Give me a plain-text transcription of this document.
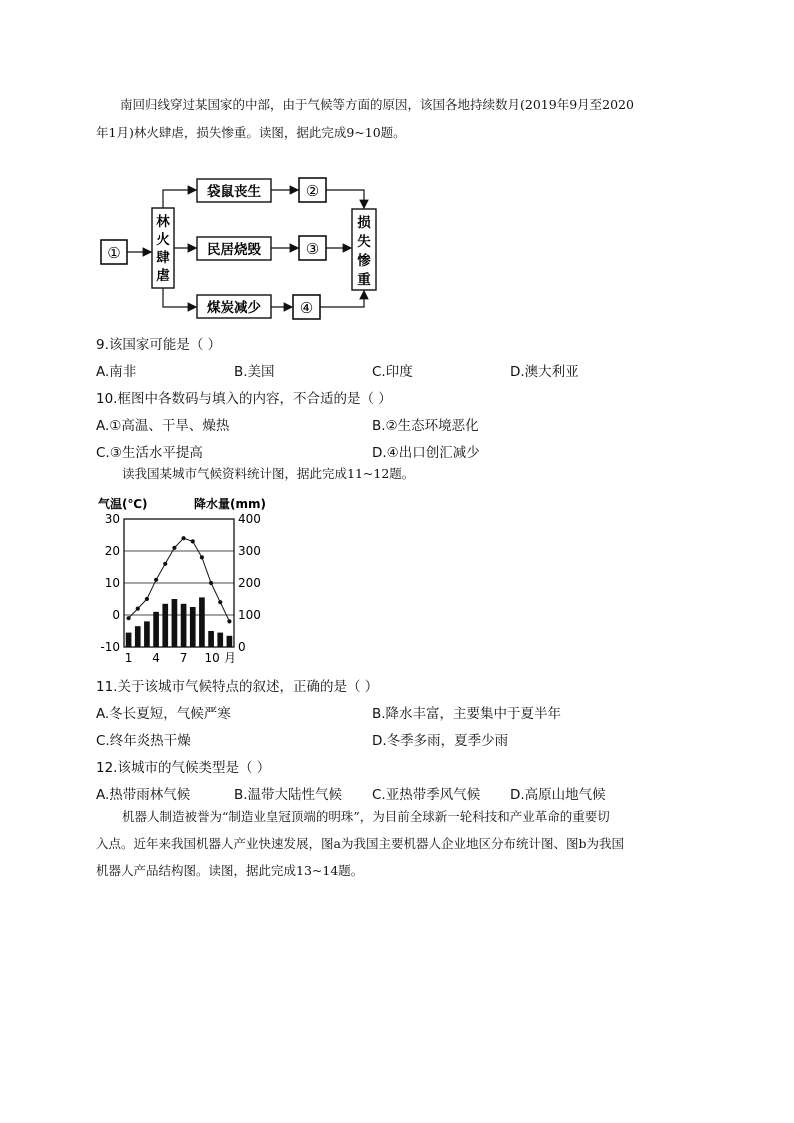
南回归线穿过某国家的中部，由于气候等方面的原因，该国各地持续数月(2019年9月至2020
年1月)林火肆虐，损失惨重。读图，据此完成9~10题。
①
林
火
肆
虐
袋鼠丧生	②
民居烧毁	③
煤炭减少	④
损
失
惨
重
9.该国家可能是（ ）
A.南非	B.美国	C.印度	D.澳大利亚
10.框图中各数码与填入的内容，不合适的是（ ）
A.①高温、干旱、燥热	B.②生态环境恶化
C.③生活水平提高	D.④出口创汇减少
读我国某城市气候资料统计图，据此完成11~12题。
气温(℃)	降水量(mm)
30
20
10
0
-10
400
300
200
100
0
1 4 7 10 月
11.关于该城市气候特点的叙述，正确的是（ ）
A.冬长夏短，气候严寒	B.降水丰富，主要集中于夏半年
C.终年炎热干燥	D.冬季多雨，夏季少雨
12.该城市的气候类型是（ ）
A.热带雨林气候	B.温带大陆性气候 C.亚热带季风气候 D.高原山地气候
机器人制造被誉为“制造业皇冠顶端的明珠”，为目前全球新一轮科技和产业革命的重要切
入点。近年来我国机器人产业快速发展，图a为我国主要机器人企业地区分布统计图、图b为我国
机器人产品结构图。读图，据此完成13~14题。
